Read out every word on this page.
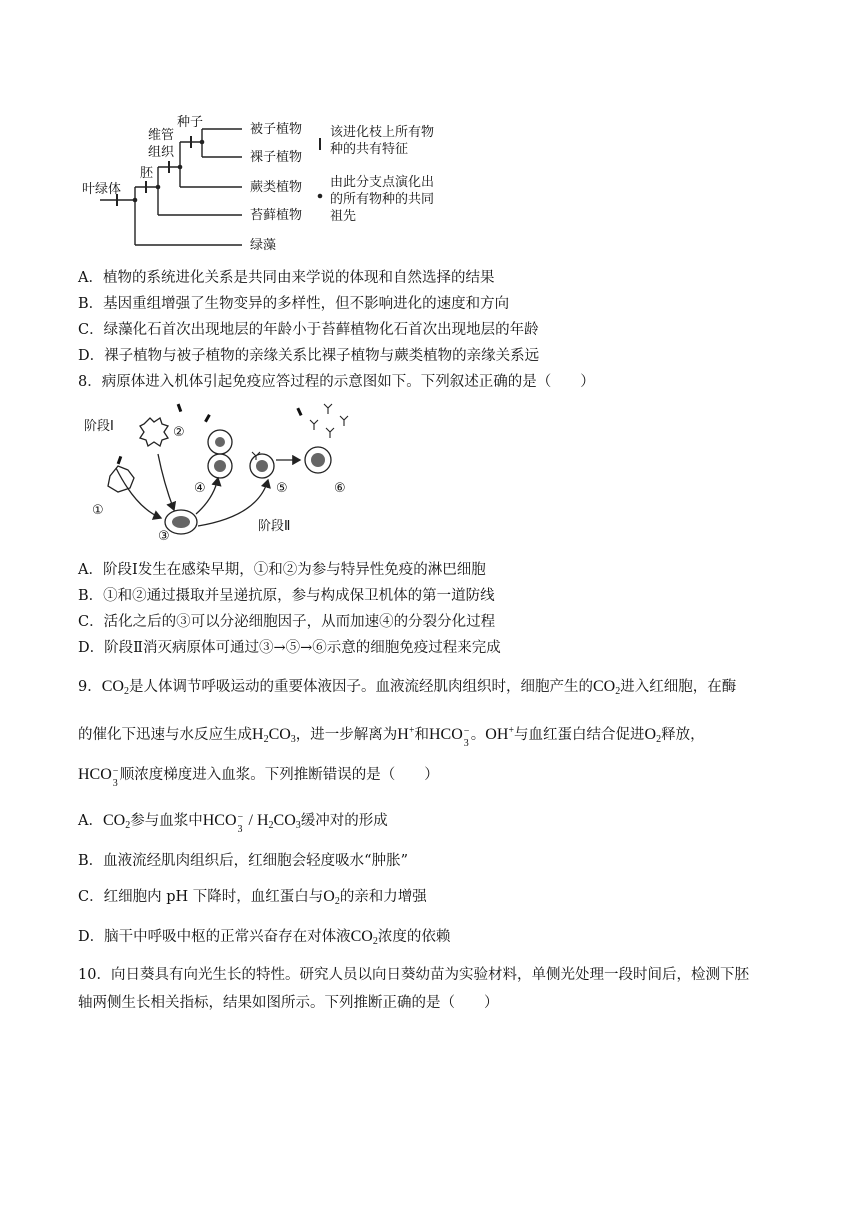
种子
维管
组织
胚
叶绿体
被子植物
裸子植物
蕨类植物
苔藓植物
绿藻
该进化枝上所有物
种的共有特征
由此分支点演化出
的所有物种的共同
祖先
A．植物的系统进化关系是共同由来学说的体现和自然选择的结果
B．基因重组增强了生物变异的多样性，但不影响进化的速度和方向
C．绿藻化石首次出现地层的年龄小于苔藓植物化石首次出现地层的年龄
D．裸子植物与被子植物的亲缘关系比裸子植物与蕨类植物的亲缘关系远
8．病原体进入机体引起免疫应答过程的示意图如下。下列叙述正确的是（　　）
阶段Ⅰ
阶段Ⅱ
①
②
③
④	⑤	⑥
A．阶段Ⅰ发生在感染早期，①和②为参与特异性免疫的淋巴细胞
B．①和②通过摄取并呈递抗原，参与构成保卫机体的第一道防线
C．活化之后的③可以分泌细胞因子，从而加速④的分裂分化过程
D．阶段Ⅱ消灭病原体可通过③→⑤→⑥示意的细胞免疫过程来完成
9．$CO_2$是人体调节呼吸运动的重要体液因子。血液流经肌肉组织时，细胞产生的$CO_2$进入红细胞，在酶
的催化下迅速与水反应生成$H_2CO_3$，进一步解离为H+和HCO −
3
。OH+与血红蛋白结合促进$O_2$释放，
HCO −
3
顺浓度梯度进入血浆。下列推断错误的是（　　）
A．$CO_2$参与血浆中HCO −
3
/ $H_2CO_3$缓冲对的形成
B．血液流经肌肉组织后，红细胞会轻度吸水“肿胀”
C．红细胞内 pH 下降时，血红蛋白与$O_2$的亲和力增强
D．脑干中呼吸中枢的正常兴奋存在对体液$CO_2$浓度的依赖
10．向日葵具有向光生长的特性。研究人员以向日葵幼苗为实验材料，单侧光处理一段时间后，检测下胚
轴两侧生长相关指标，结果如图所示。下列推断正确的是（　　）
